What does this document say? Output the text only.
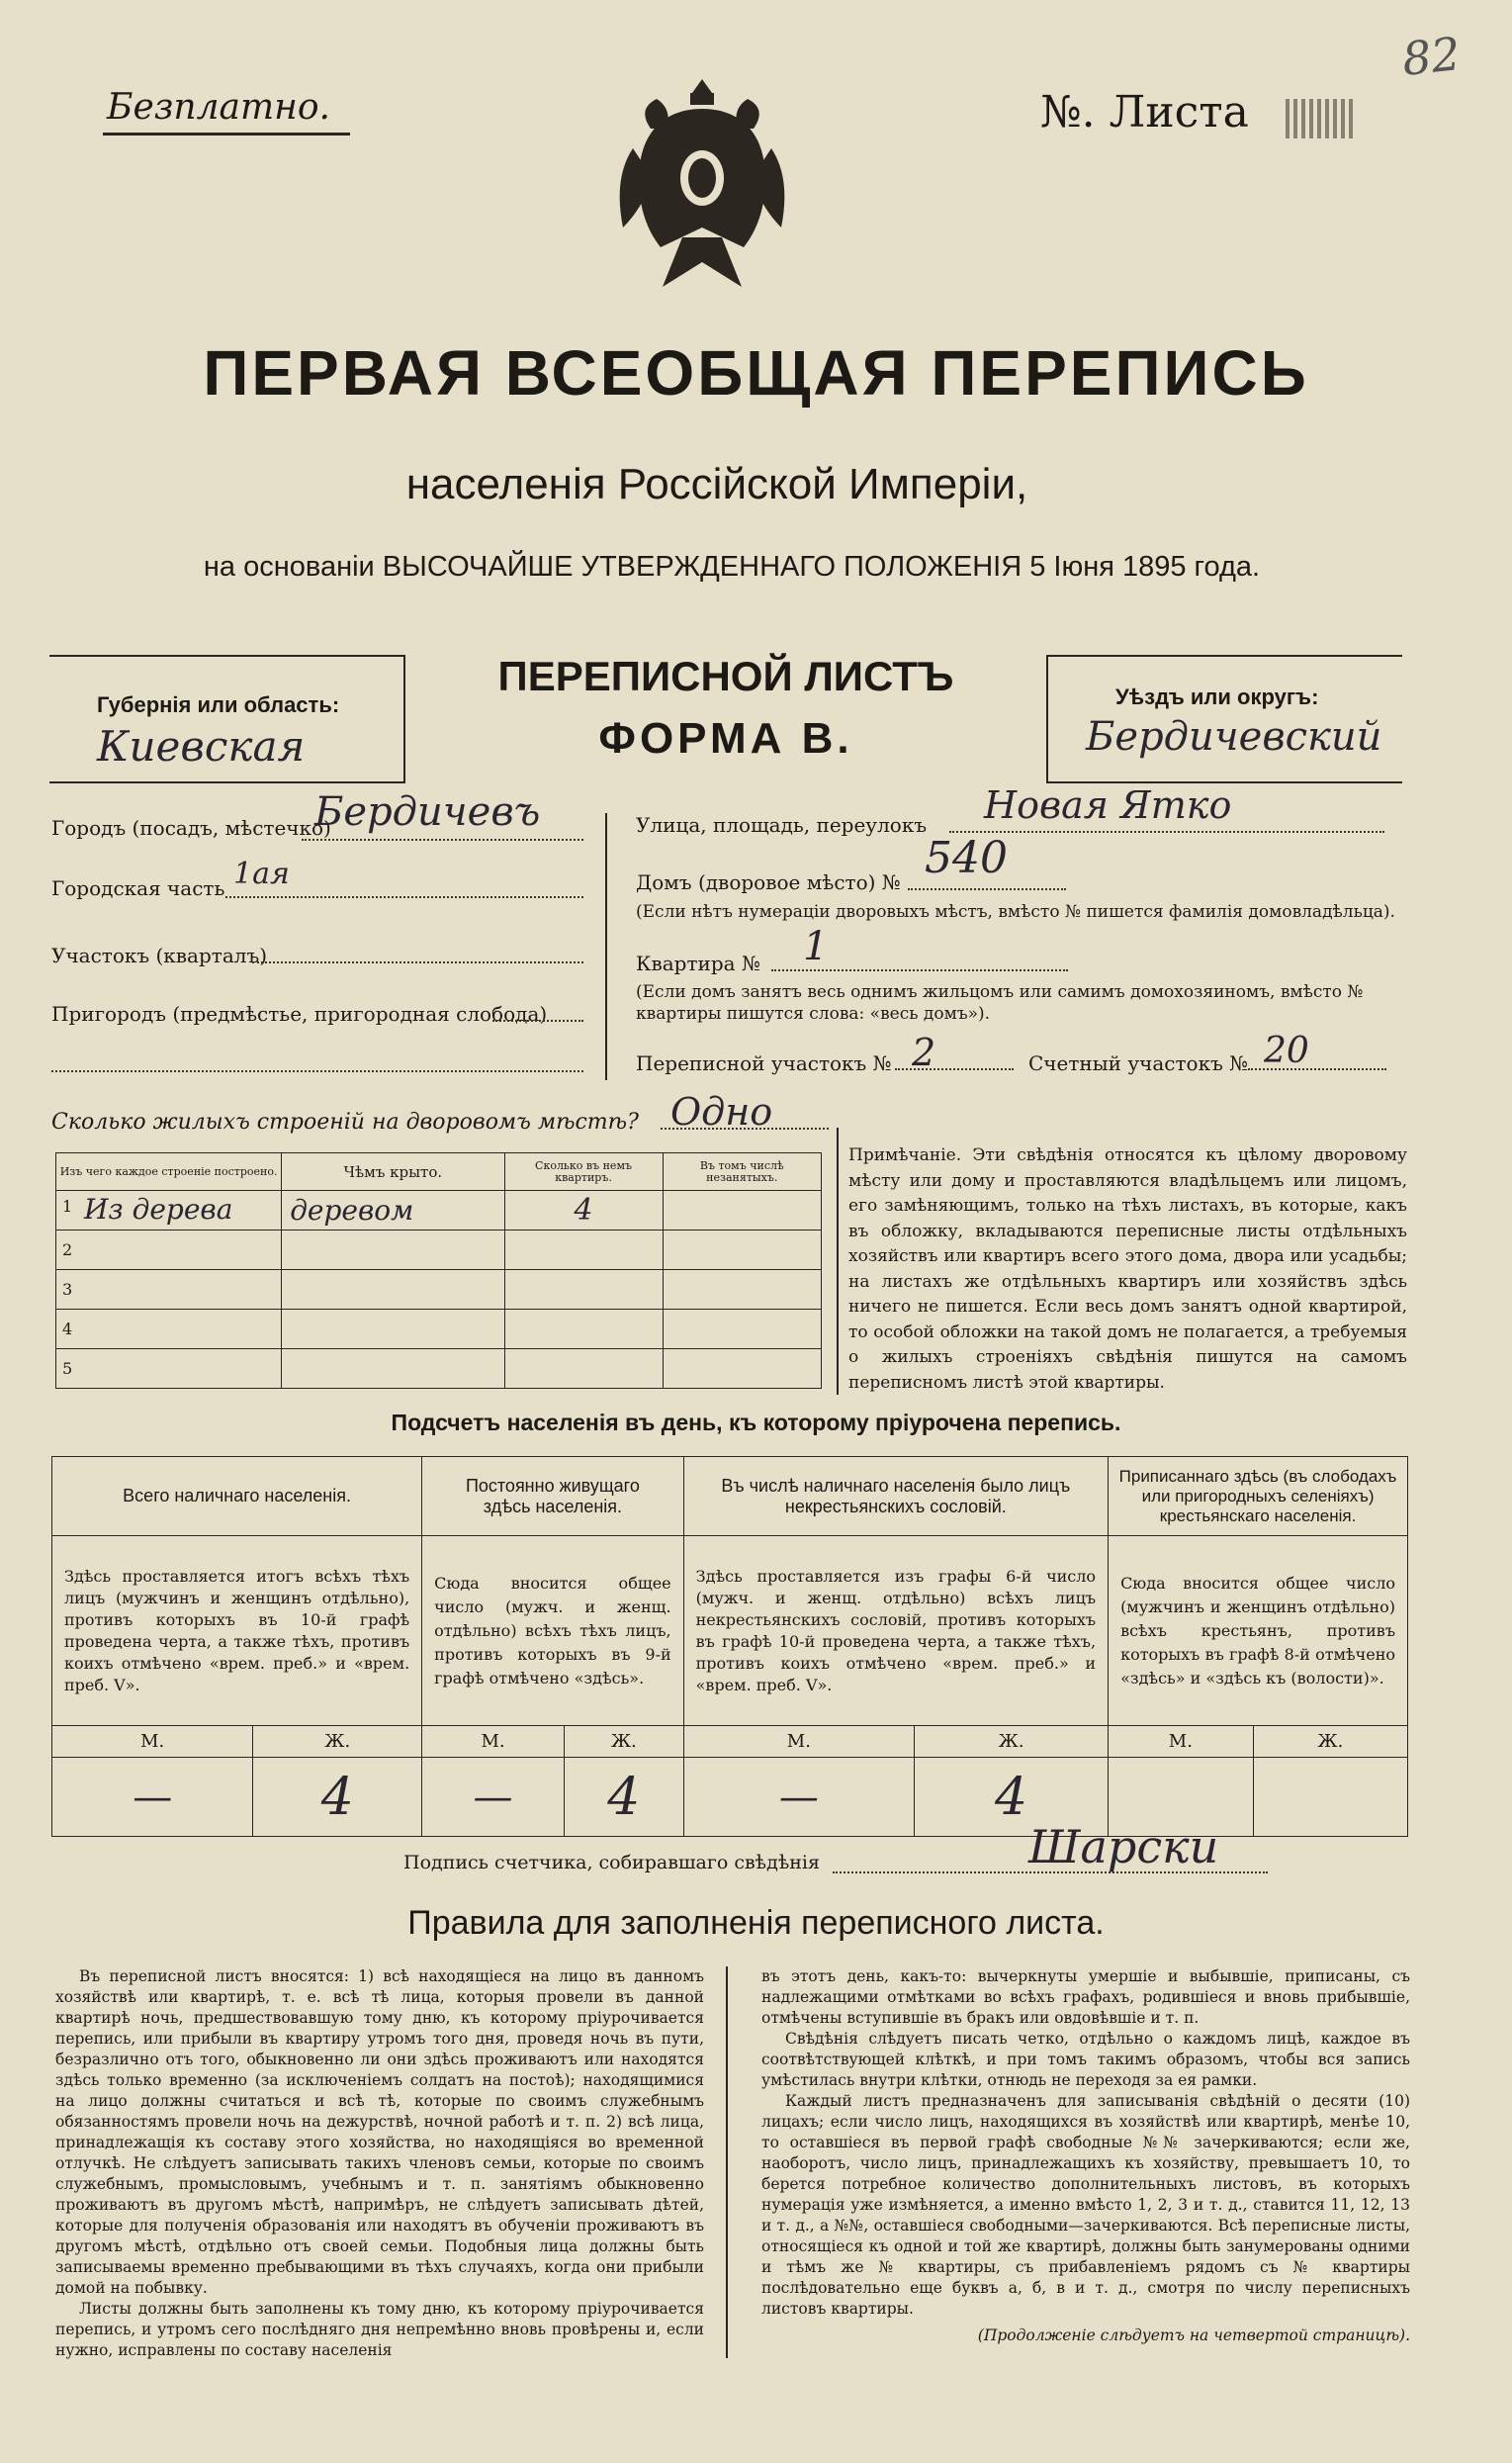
Безплатно.	№. Листа
82
ПЕРВАЯ ВСЕОБЩАЯ ПЕРЕПИСЬ
населенія Россійской Имперіи,
на основаніи ВЫСОЧАЙШЕ УТВЕРЖДЕННАГО ПОЛОЖЕНІЯ 5 Іюня 1895 года.
Губернія или область:
Киевская
ПЕРЕПИСНОЙ ЛИСТЪ
ФОРМА В.
Уѣздъ или округъ:
Бердичевский
Городъ (посадъ, мѣстечко)
Бердичевъ
Городская часть 1ая
Участокъ (кварталъ)
Пригородъ (предмѣстье, пригородная слобода)
Улица, площадь, переулокъ Новая Ятко
Домъ (дворовое мѣсто) № 540
(Если нѣтъ нумераціи дворовыхъ мѣстъ, вмѣсто № пишется фамилія домовладѣльца).
Квартира № 1
(Если домъ занятъ весь однимъ жильцомъ или самимъ домохозяиномъ, вмѣсто № квартиры пишутся слова: «весь домъ»).
Переписной участокъ № 2	Счетный участокъ № 20
Сколько жилыхъ строеній на дворовомъ мѣстѣ? Одно
Изъ чего каждое строеніе построено.	Чѣмъ крыто.	Сколько въ немъ квартиръ.	Въ томъ числѣ незанятыхъ.

1 Из дерева	деревом	4	
2			
3			
4			
5			
Примѣчаніе. Эти свѣдѣнія относятся къ цѣлому дворовому мѣсту или дому и проставляются владѣльцемъ или лицомъ, его замѣняющимъ, только на тѣхъ листахъ, въ которые, какъ въ обложку, вкладываются переписные листы отдѣльныхъ хозяйствъ или квартиръ всего этого дома, двора или усадьбы; на листахъ же отдѣльныхъ квартиръ или хозяйствъ здѣсь ничего не пишется. Если весь домъ занятъ одной квартирой, то особой обложки на такой домъ не полагается, а требуемыя о жилыхъ строеніяхъ свѣдѣнія пишутся на самомъ переписномъ листѣ этой квартиры.
Подсчетъ населенія въ день, къ которому пріурочена перепись.
Всего наличнаго населенія.		Постоянно живущаго здѣсь населенія.		Въ числѣ наличнаго населенія было лицъ некрестьянскихъ сословій.		Приписаннаго здѣсь (въ слободахъ или пригородныхъ селеніяхъ) крестьянскаго населенія.	
Здѣсь проставляется итогъ всѣхъ тѣхъ лицъ (мужчинъ и женщинъ отдѣльно), противъ которыхъ въ 10-й графѣ проведена черта, а также тѣхъ, противъ коихъ отмѣчено «врем. преб.» и «врем. преб. V».		Сюда вносится общее число (мужч. и женщ. отдѣльно) всѣхъ тѣхъ лицъ, противъ которыхъ въ 9-й графѣ отмѣчено «здѣсь».		Здѣсь проставляется изъ графы 6-й число (мужч. и женщ. отдѣльно) всѣхъ лицъ некрестьянскихъ сословій, противъ которыхъ въ графѣ 10-й проведена черта, а также тѣхъ, противъ коихъ отмѣчено «врем. преб.» и «врем. преб. V».		Сюда вносится общее число (мужчинъ и женщинъ отдѣльно) всѣхъ крестьянъ, противъ которыхъ въ графѣ 8-й отмѣчено «здѣсь» и «здѣсь къ (волости)».	
М.	Ж.	М.	Ж.	М.	Ж.	М.	Ж.
—	4	—	4	—	4		
Подпись счетчика, собиравшаго свѣдѣнія	Шарски
Правила для заполненія переписного листа.

Въ переписной листъ вносятся: 1) всѣ находящіеся на лицо въ данномъ хозяйствѣ или квартирѣ, т. е. всѣ тѣ лица, которыя провели въ данной квартирѣ ночь, предшествовавшую тому дню, къ которому пріурочивается перепись, или прибыли въ квартиру утромъ того дня, проведя ночь въ пути, безразлично отъ того, обыкновенно ли они здѣсь проживаютъ или находятся здѣсь только временно (за исключеніемъ солдатъ на постоѣ); находящимися на лицо должны считаться и всѣ тѣ, которые по своимъ служебнымъ обязанностямъ провели ночь на дежурствѣ, ночной работѣ и т. п. 2) всѣ лица, принадлежащія къ составу этого хозяйства, но находящіяся во временной отлучкѣ. Не слѣдуетъ записывать такихъ членовъ семьи, которые по своимъ служебнымъ, промысловымъ, учебнымъ и т. п. занятіямъ обыкновенно проживаютъ въ другомъ мѣстѣ, напримѣръ, не слѣдуетъ записывать дѣтей, которые для полученія образованія или находятъ въ обученіи проживаютъ въ другомъ мѣстѣ, отдѣльно отъ своей семьи. Подобныя лица должны быть записываемы временно пребывающими въ тѣхъ случаяхъ, когда они прибыли домой на побывку.

Листы должны быть заполнены къ тому дню, къ которому пріурочивается перепись, и утромъ сего послѣдняго дня непремѣнно вновь провѣрены и, если нужно, исправлены по составу населенія

въ этотъ день, какъ-то: вычеркнуты умершіе и выбывшіе, приписаны, съ надлежащими отмѣтками во всѣхъ графахъ, родившіеся и вновь прибывшіе, отмѣчены вступившіе въ бракъ или овдовѣвшіе и т. п.

Свѣдѣнія слѣдуетъ писать четко, отдѣльно о каждомъ лицѣ, каждое въ соотвѣтствующей клѣткѣ, и при томъ такимъ образомъ, чтобы вся запись умѣстилась внутри клѣтки, отнюдь не переходя за ея рамки.

Каждый листъ предназначенъ для записыванія свѣдѣній о десяти (10) лицахъ; если число лицъ, находящихся въ хозяйствѣ или квартирѣ, менѣе 10, то оставшіеся въ первой графѣ свободные №№ зачеркиваются; если же, наоборотъ, число лицъ, принадлежащихъ къ хозяйству, превышаетъ 10, то берется потребное количество дополнительныхъ листовъ, въ которыхъ нумерація уже измѣняется, а именно вмѣсто 1, 2, 3 и т. д., ставится 11, 12, 13 и т. д., а №№, оставшіеся свободными—зачеркиваются. Всѣ переписные листы, относящіеся къ одной и той же квартирѣ, должны быть занумерованы одними и тѣмъ же № квартиры, съ прибавленіемъ рядомъ съ № квартиры послѣдовательно еще буквъ а, б, в и т. д., смотря по числу переписныхъ листовъ квартиры.

(Продолженіе слѣдуетъ на четвертой страницѣ).
